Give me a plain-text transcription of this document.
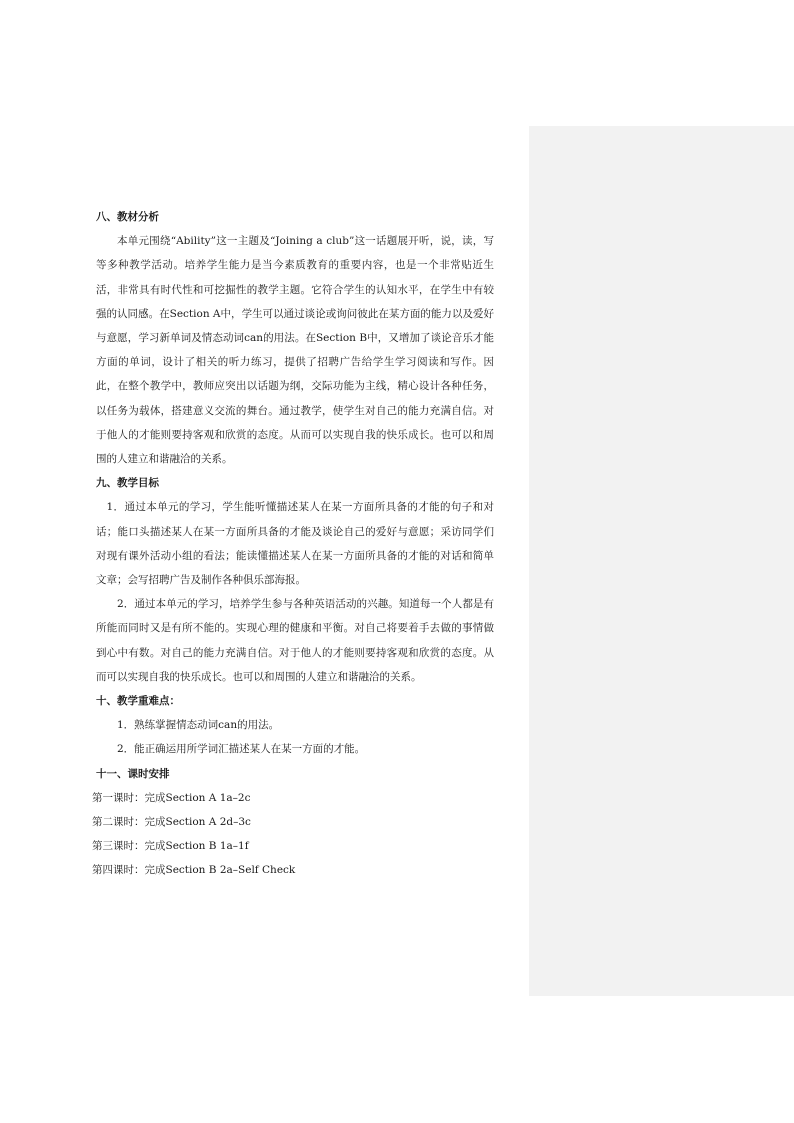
八、教材分析

本单元围绕“Ability”这一主题及“Joining a club”这一话题展开听，说，读，写等多种教学活动。培养学生能力是当今素质教育的重要内容，也是一个非常贴近生活，非常具有时代性和可挖掘性的教学主题。它符合学生的认知水平，在学生中有较强的认同感。在Section A中，学生可以通过谈论或询问彼此在某方面的能力以及爱好与意愿，学习新单词及情态动词can的用法。在Section B中，又增加了谈论音乐才能方面的单词，设计了相关的听力练习，提供了招聘广告给学生学习阅读和写作。因此，在整个教学中，教师应突出以话题为纲，交际功能为主线，精心设计各种任务，以任务为载体，搭建意义交流的舞台。通过教学，使学生对自己的能力充满自信。对于他人的才能则要持客观和欣赏的态度。从而可以实现自我的快乐成长。也可以和周围的人建立和谐融洽的关系。

九、教学目标

1．通过本单元的学习，学生能听懂描述某人在某一方面所具备的才能的句子和对话；能口头描述某人在某一方面所具备的才能及谈论自己的爱好与意愿；采访同学们对现有课外活动小组的看法；能读懂描述某人在某一方面所具备的才能的对话和简单文章；会写招聘广告及制作各种俱乐部海报。

2．通过本单元的学习，培养学生参与各种英语活动的兴趣。知道每一个人都是有所能而同时又是有所不能的。实现心理的健康和平衡。对自己将要着手去做的事情做到心中有数。对自己的能力充满自信。对于他人的才能则要持客观和欣赏的态度。从而可以实现自我的快乐成长。也可以和周围的人建立和谐融洽的关系。

十、教学重难点：

1．熟练掌握情态动词can的用法。

2．能正确运用所学词汇描述某人在某一方面的才能。

十一、课时安排

第一课时：完成Section A 1a–2c

第二课时：完成Section A 2d–3c

第三课时：完成Section B 1a–1f

第四课时：完成Section B 2a–Self Check
